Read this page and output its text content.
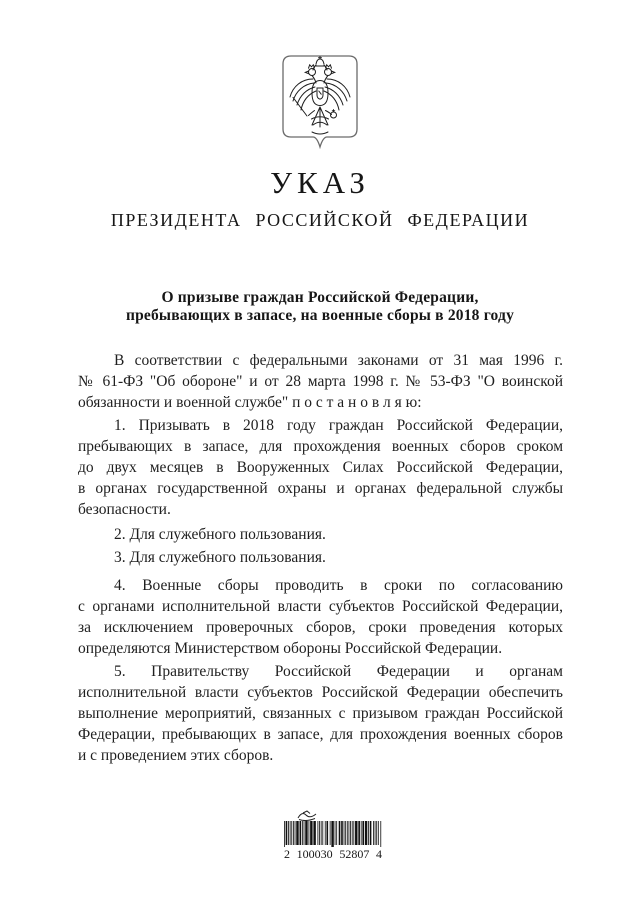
УКАЗ
ПРЕЗИДЕНТА РОССИЙСКОЙ ФЕДЕРАЦИИ
О призыве граждан Российской Федерации,
пребывающих в запасе, на военные сборы в 2018 году
В соответствии с федеральными законами от 31 мая 1996 г.
№ 61-ФЗ "Об обороне" и от 28 марта 1998 г. № 53-ФЗ "О воинской
обязанности и военной службе" п о с т а н о в л я ю:
1. Призывать в 2018 году граждан Российской Федерации,
пребывающих в запасе, для прохождения военных сборов сроком
до двух месяцев в Вооруженных Силах Российской Федерации,
в органах государственной охраны и органах федеральной службы
безопасности.
2. Для служебного пользования.
3. Для служебного пользования.
4. Военные сборы проводить в сроки по согласованию
с органами исполнительной власти субъектов Российской Федерации,
за исключением проверочных сборов, сроки проведения которых
определяются Министерством обороны Российской Федерации.
5. Правительству Российской Федерации и органам
исполнительной власти субъектов Российской Федерации обеспечить
выполнение мероприятий, связанных с призывом граждан Российской
Федерации, пребывающих в запасе, для прохождения военных сборов
и с проведением этих сборов.
2 100030 52807 4
